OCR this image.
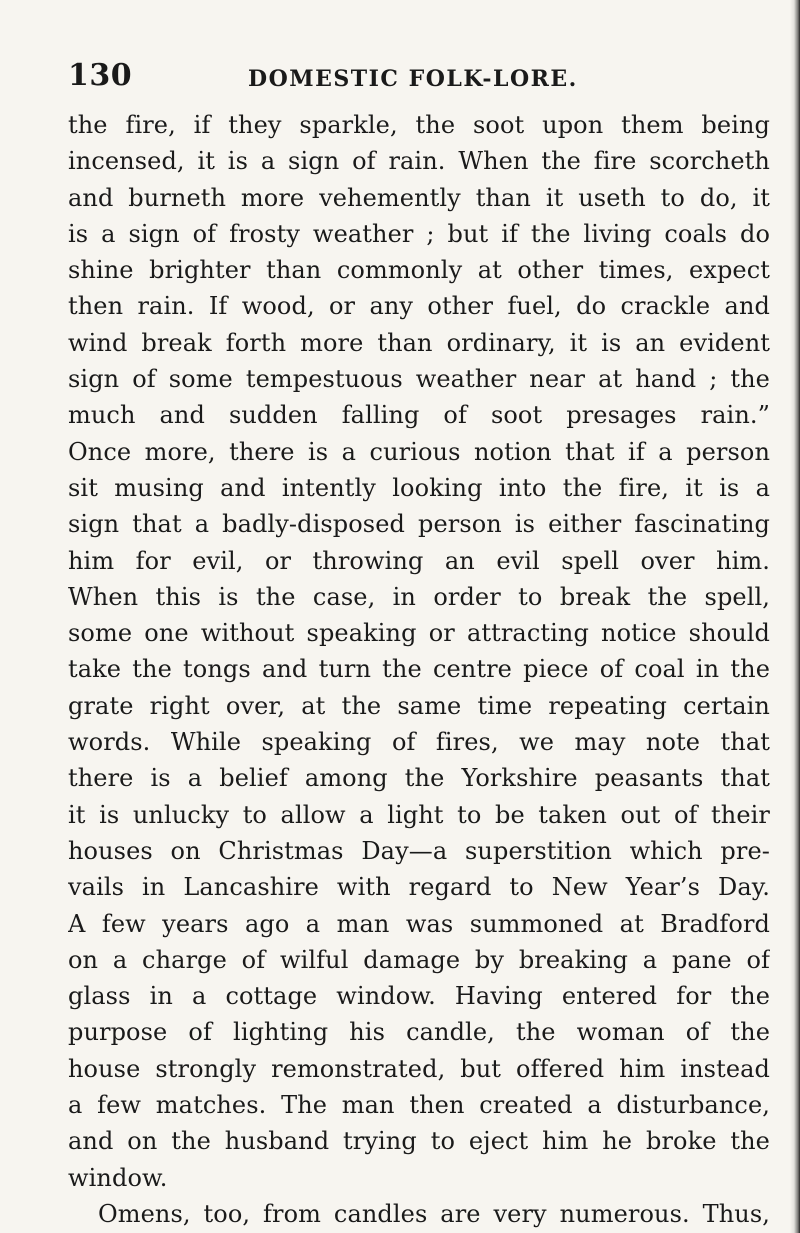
130	DOMESTIC FOLK-LORE.
the fire, if they sparkle, the soot upon them being
incensed, it is a sign of rain. When the fire scorcheth
and burneth more vehemently than it useth to do, it
is a sign of frosty weather ; but if the living coals do
shine brighter than commonly at other times, expect
then rain. If wood, or any other fuel, do crackle and
wind break forth more than ordinary, it is an evident
sign of some tempestuous weather near at hand ; the
much and sudden falling of soot presages rain.”
Once more, there is a curious notion that if a person
sit musing and intently looking into the fire, it is a
sign that a badly-disposed person is either fascinating
him for evil, or throwing an evil spell over him.
When this is the case, in order to break the spell,
some one without speaking or attracting notice should
take the tongs and turn the centre piece of coal in the
grate right over, at the same time repeating certain
words. While speaking of fires, we may note that
there is a belief among the Yorkshire peasants that
it is unlucky to allow a light to be taken out of their
houses on Christmas Day—a superstition which pre-
vails in Lancashire with regard to New Year’s Day.
A few years ago a man was summoned at Bradford
on a charge of wilful damage by breaking a pane of
glass in a cottage window. Having entered for the
purpose of lighting his candle, the woman of the
house strongly remonstrated, but offered him instead
a few matches. The man then created a disturbance,
and on the husband trying to eject him he broke the
window.
Omens, too, from candles are very numerous. Thus,
